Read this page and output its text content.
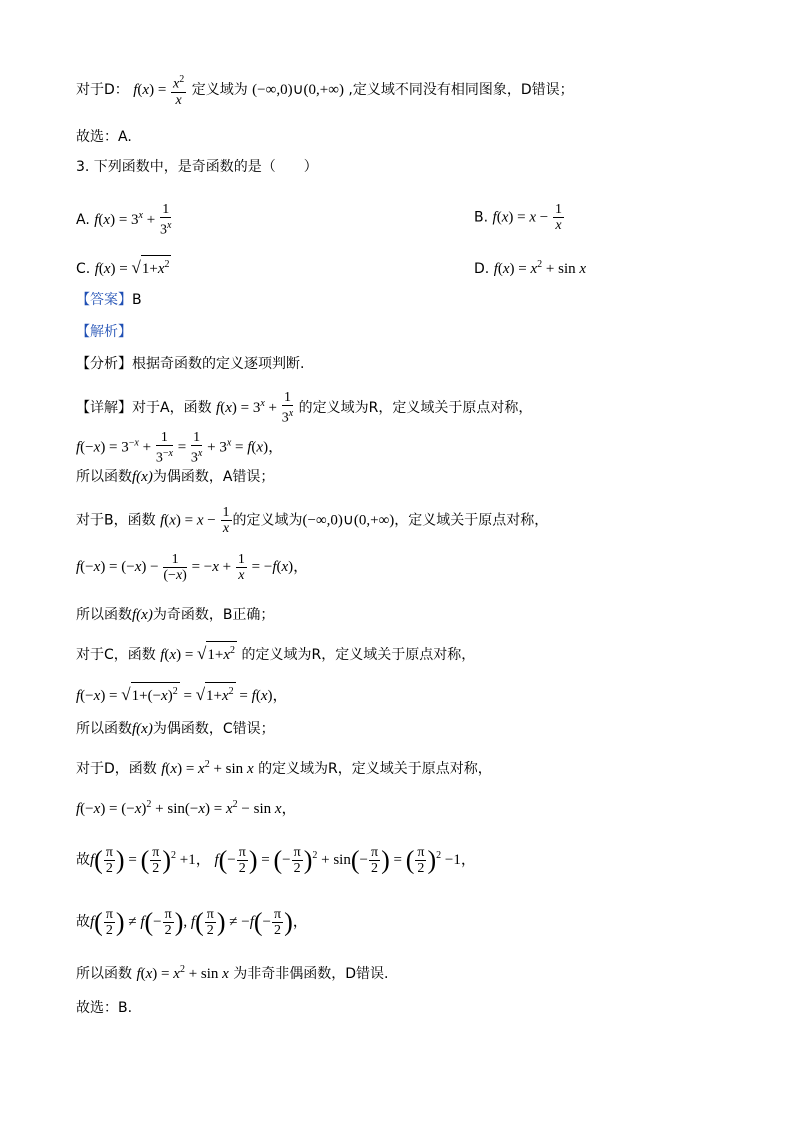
对于D： $f(x) = \frac{x^2}{x}$ 定义域为 (−∞,0)∪(0,+∞) ,定义域不同没有相同图象，D错误；
故选：A.
3. 下列函数中，是奇函数的是（　　）
A. $f(x) = 3^x + \frac{1}{3^x}$	B. $f(x) = x - \frac{1}{x}$
C. $f(x) = √1+x^2$	D. $f(x) = x^2 + \sin x$
【答案】B
【解析】
【分析】根据奇函数的定义逐项判断.
【详解】对于A，函数 $f(x) = 3^x + \frac{1}{3^x}$ 的定义域为R，定义域关于原点对称，
$f(-x) = 3^{-x} + \frac{1}{3^{-x}} = \frac{1}{3^x} + 3^x = f(x)$，
所以函数f(x)为偶函数，A错误；
对于B，函数 $f(x) = x - \frac{1}{x}$ 的定义域为(−∞,0)∪(0,+∞)，定义域关于原点对称，
$f(-x) = (-x) - \frac{1}{(-x)} = -x + \frac{1}{x} = -f(x)$，
所以函数f(x)为奇函数，B正确；
对于C，函数 $f(x) = √1+x^2$ 的定义域为R，定义域关于原点对称，
$f(-x) = √1+(-x)^2 = √1+x^2 = f(x)$，
所以函数f(x)为偶函数，C错误；
对于D，函数 $f(x) = x^2 + \sin x$ 的定义域为R，定义域关于原点对称，
$f(-x) = (-x)^2 + \sin(-x) = x^2 - \sin x$，
故$f( \frac{\pi}{2}$ ) = ( $\frac{\pi}{2} )^2 +1$， $f(- \frac{\pi}{2}$ ) = (− $\frac{\pi}{2} )^2 + \sin(- \frac{\pi}{2}$ ) = ( $\frac{\pi}{2} )^2 -1$，
故$f( \frac{\pi}{2}$ ) ≠ $f(- \frac{\pi}{2}$ ), $f( \frac{\pi}{2}$ ) ≠ $-f(- \frac{\pi}{2}$ )，
所以函数 $f(x) = x^2 + \sin x$ 为非奇非偶函数，D错误.
故选：B.
